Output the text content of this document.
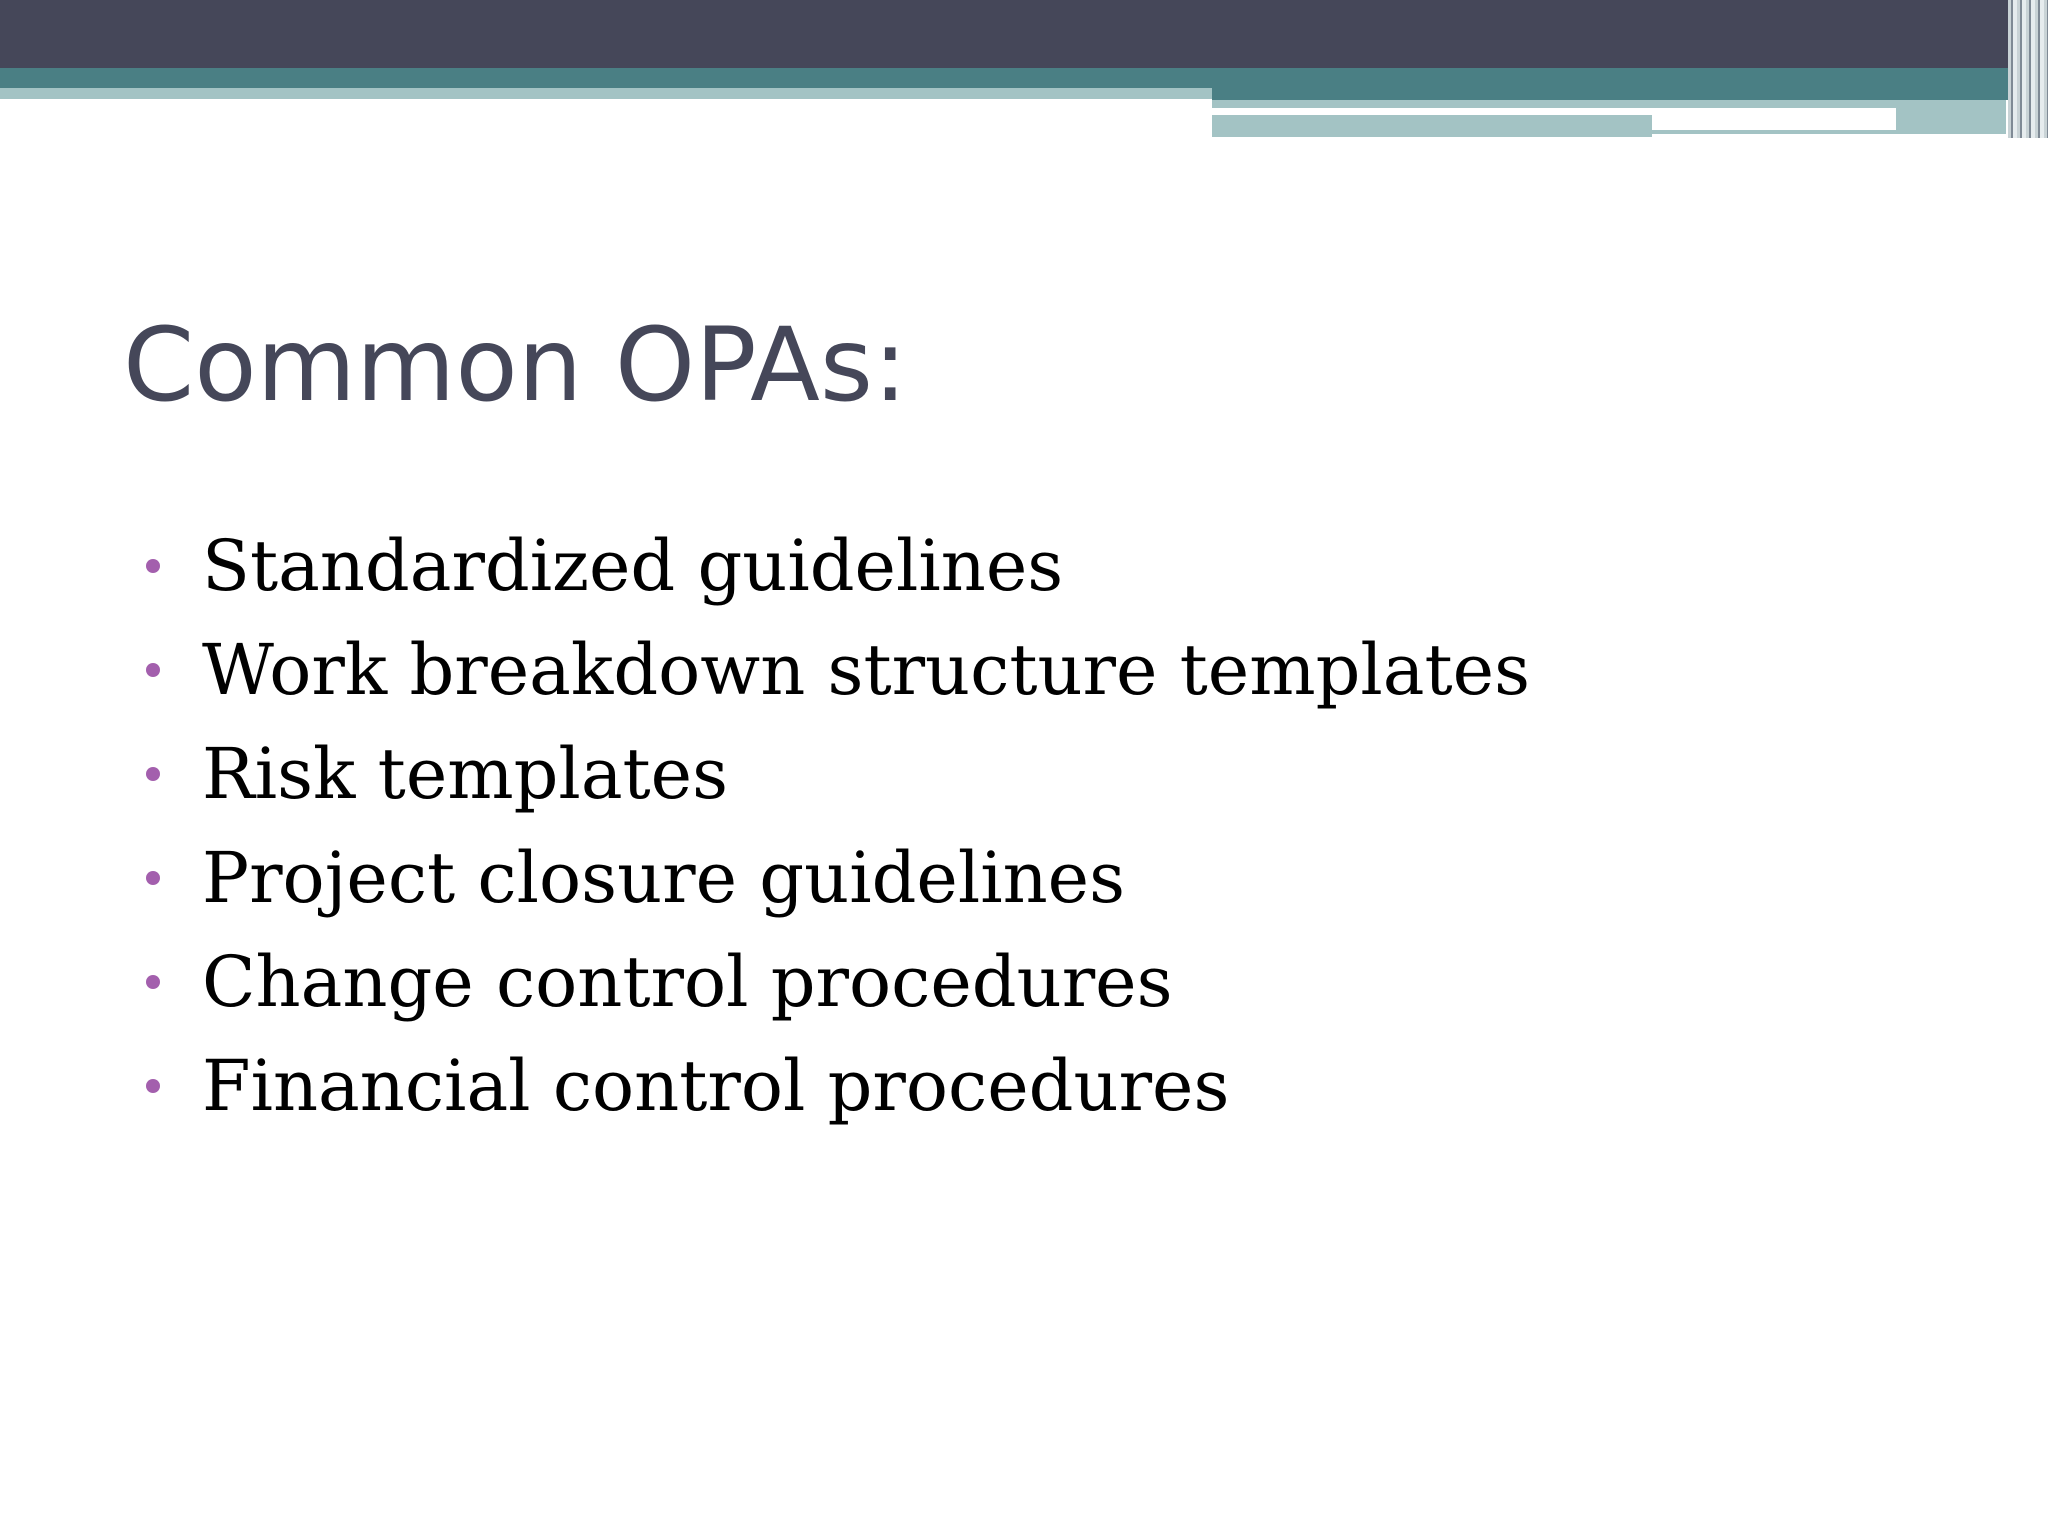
Common OPAs:
Standardized guidelines
Work breakdown structure templates
Risk templates
Project closure guidelines
Change control procedures
Financial control procedures
